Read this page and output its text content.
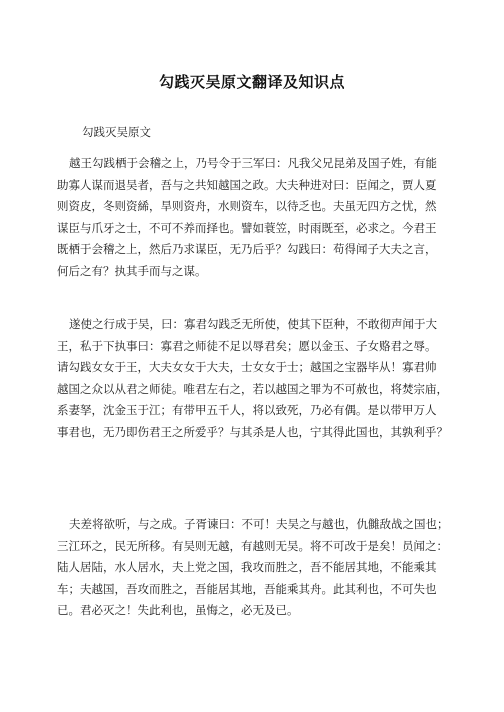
勾践灭吴原文翻译及知识点
勾践灭吴原文
越王勾践栖于会稽之上，乃号令于三军曰：凡我父兄昆弟及国子姓，有能
助寡人谋而退吴者，吾与之共知越国之政。大夫种进对曰：臣闻之，贾人夏
则资皮，冬则资絺，旱则资舟，水则资车，以待乏也。夫虽无四方之忧，然
谋臣与爪牙之士，不可不养而择也。譬如蓑笠，时雨既至，必求之。今君王
既栖于会稽之上，然后乃求谋臣，无乃后乎？勾践曰：苟得闻子大夫之言，
何后之有？执其手而与之谋。
遂使之行成于吴，曰：寡君勾践乏无所使，使其下臣种，不敢彻声闻于大
王，私于下执事曰：寡君之师徒不足以辱君矣；愿以金玉、子女赂君之辱。
请勾践女女于王，大夫女女于大夫，士女女于士；越国之宝器毕从！寡君帅
越国之众以从君之师徒。唯君左右之，若以越国之罪为不可赦也，将焚宗庙，
系妻孥，沈金玉于江；有带甲五千人，将以致死，乃必有偶。是以带甲万人
事君也，无乃即伤君王之所爱乎？与其杀是人也，宁其得此国也，其孰利乎？
夫差将欲听，与之成。子胥谏曰：不可！夫吴之与越也，仇雠敌战之国也；
三江环之，民无所移。有吴则无越，有越则无吴。将不可改于是矣！员闻之：
陆人居陆，水人居水，夫上党之国，我攻而胜之，吾不能居其地，不能乘其
车；夫越国，吾攻而胜之，吾能居其地，吾能乘其舟。此其利也，不可失也
已。君必灭之！失此利也，虽悔之，必无及已。
